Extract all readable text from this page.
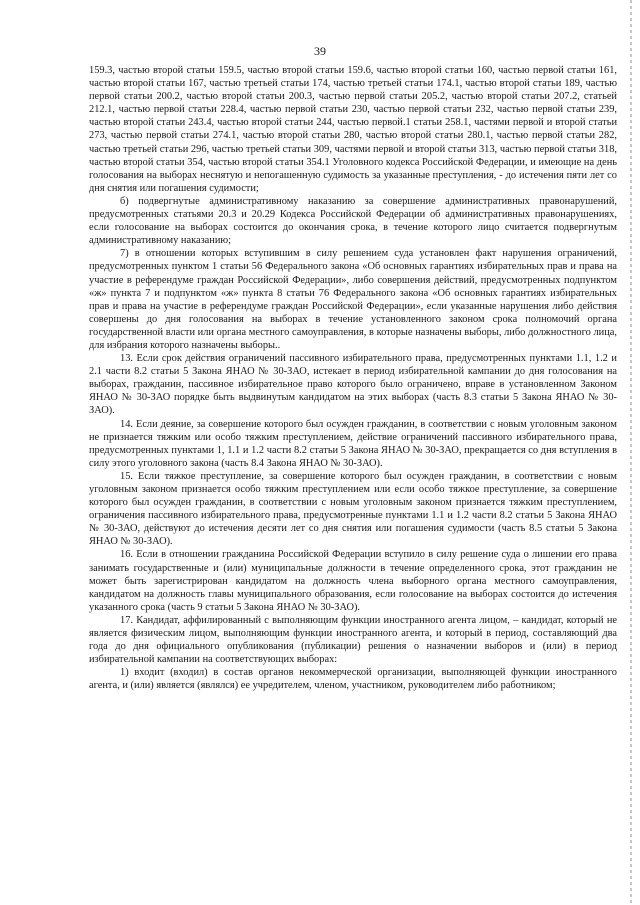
39

159.3, частью второй статьи 159.5, частью второй статьи 159.6, частью второй статьи 160, частью первой статьи 161, частью второй статьи 167, частью третьей статьи 174, частью третьей статьи 174.1, частью второй статьи 189, частью первой статьи 200.2, частью второй статьи 200.3, частью первой статьи 205.2, частью второй статьи 207.2, статьей 212.1, частью первой статьи 228.4, частью первой статьи 230, частью первой статьи 232, частью первой статьи 239, частью второй статьи 243.4, частью второй статьи 244, частью первой.1 статьи 258.1, частями первой и второй статьи 273, частью первой статьи 274.1, частью второй статьи 280, частью второй статьи 280.1, частью первой статьи 282, частью третьей статьи 296, частью третьей статьи 309, частями первой и второй статьи 313, частью первой статьи 318, частью второй статьи 354, частью второй статьи 354.1 Уголовного кодекса Российской Федерации, и имеющие на день голосования на выборах неснятую и непогашенную судимость за указанные преступления, - до истечения пяти лет со дня снятия или погашения судимости;

б) подвергнутые административному наказанию за совершение административных правонарушений, предусмотренных статьями 20.3 и 20.29 Кодекса Российской Федерации об административных правонарушениях, если голосование на выборах состоится до окончания срока, в течение которого лицо считается подвергнутым административному наказанию;

7) в отношении которых вступившим в силу решением суда установлен факт нарушения ограничений, предусмотренных пунктом 1 статьи 56 Федерального закона «Об основных гарантиях избирательных прав и права на участие в референдуме граждан Российской Федерации», либо совершения действий, предусмотренных подпунктом «ж» пункта 7 и подпунктом «ж» пункта 8 статьи 76 Федерального закона «Об основных гарантиях избирательных прав и права на участие в референдуме граждан Российской Федерации», если указанные нарушения либо действия совершены до дня голосования на выборах в течение установленного законом срока полномочий органа государственной власти или органа местного самоуправления, в которые назначены выборы, либо должностного лица, для избрания которого назначены выборы..

13. Если срок действия ограничений пассивного избирательного права, предусмотренных пунктами 1.1, 1.2 и 2.1 части 8.2 статьи 5 Закона ЯНАО № 30-ЗАО, истекает в период избирательной кампании до дня голосования на выборах, гражданин, пассивное избирательное право которого было ограничено, вправе в установленном Законом ЯНАО № 30-ЗАО порядке быть выдвинутым кандидатом на этих выборах (часть 8.3 статьи 5 Закона ЯНАО № 30-ЗАО).

14. Если деяние, за совершение которого был осужден гражданин, в соответствии с новым уголовным законом не признается тяжким или особо тяжким преступлением, действие ограничений пассивного избирательного права, предусмотренных пунктами 1, 1.1 и 1.2 части 8.2 статьи 5 Закона ЯНАО № 30-ЗАО, прекращается со дня вступления в силу этого уголовного закона (часть 8.4 Закона ЯНАО № 30-ЗАО).

15. Если тяжкое преступление, за совершение которого был осужден гражданин, в соответствии с новым уголовным законом признается особо тяжким преступлением или если особо тяжкое преступление, за совершение которого был осужден гражданин, в соответствии с новым уголовным законом признается тяжким преступлением, ограничения пассивного избирательного права, предусмотренные пунктами 1.1 и 1.2 части 8.2 статьи 5 Закона ЯНАО № 30-ЗАО, действуют до истечения десяти лет со дня снятия или погашения судимости (часть 8.5 статьи 5 Закона ЯНАО № 30-ЗАО).

16. Если в отношении гражданина Российской Федерации вступило в силу решение суда о лишении его права занимать государственные и (или) муниципальные должности в течение определенного срока, этот гражданин не может быть зарегистрирован кандидатом на должность члена выборного органа местного самоуправления, кандидатом на должность главы муниципального образования, если голосование на выборах состоится до истечения указанного срока (часть 9 статьи 5 Закона ЯНАО № 30-ЗАО).

17. Кандидат, аффилированный с выполняющим функции иностранного агента лицом, – кандидат, который не является физическим лицом, выполняющим функции иностранного агента, и который в период, составляющий два года до дня официального опубликования (публикации) решения о назначении выборов и (или) в период избирательной кампании на соответствующих выборах:

1) входит (входил) в состав органов некоммерческой организации, выполняющей функции иностранного агента, и (или) является (являлся) ее учредителем, членом, участником, руководителем либо работником;
